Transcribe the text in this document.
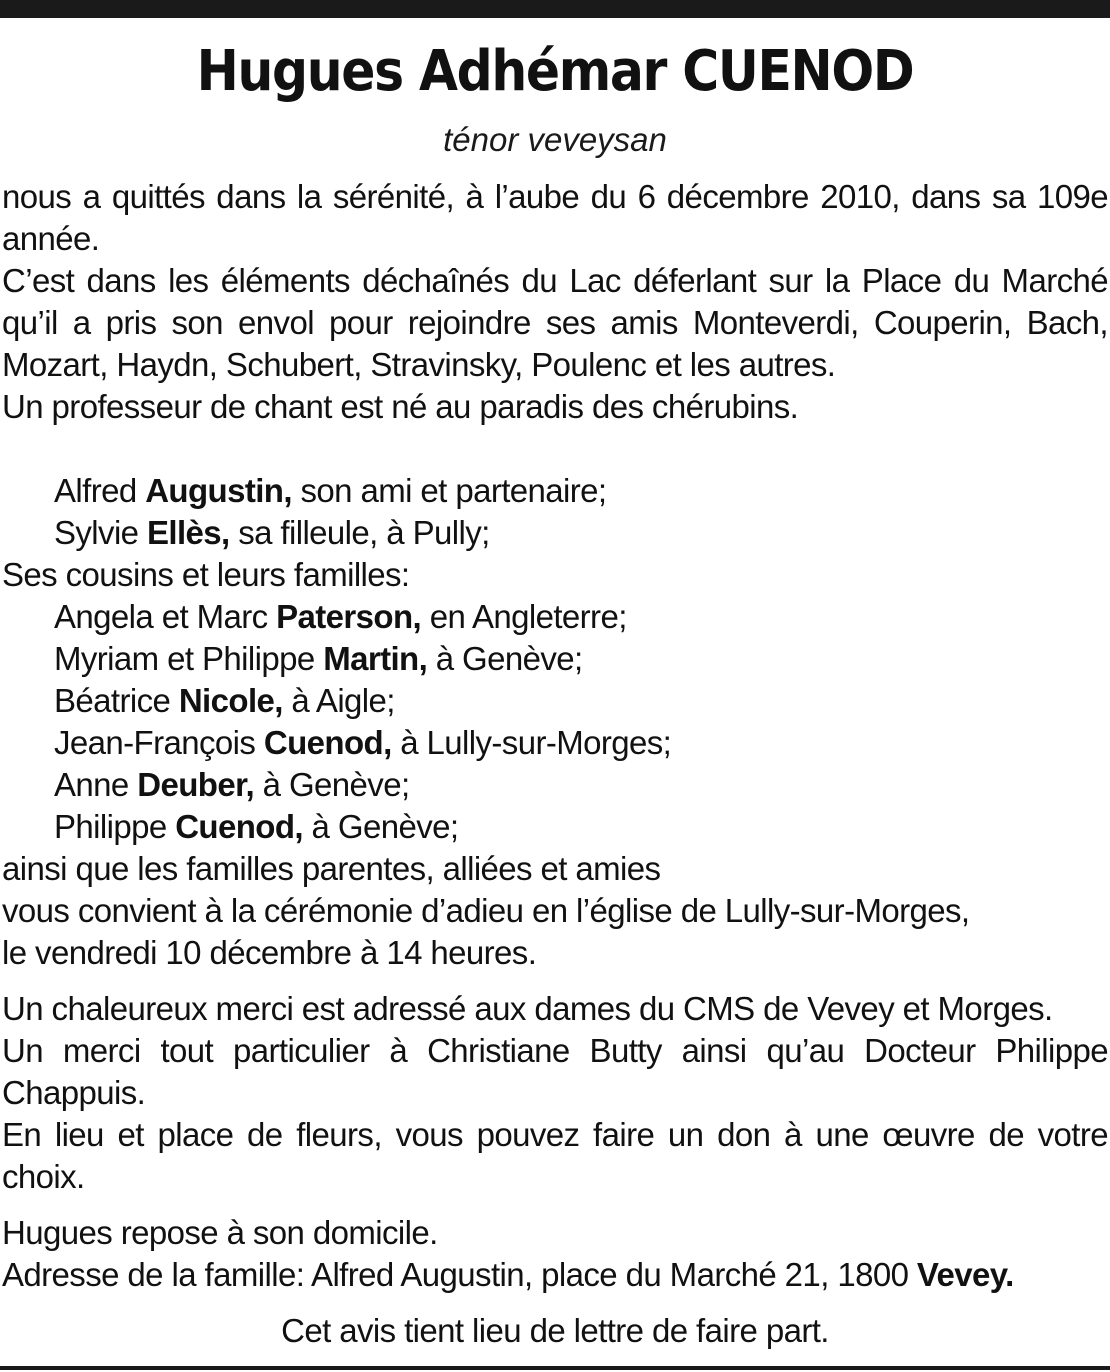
Hugues Adhémar CUENOD
ténor veveysan

nous a quittés dans la sérénité, à l’aube du 6 décembre 2010, dans sa 109e année.

C’est dans les éléments déchaînés du Lac déferlant sur la Place du Marché qu’il a pris son envol pour rejoindre ses amis Monteverdi, Couperin, Bach, Mozart, Haydn, Schubert, Stravinsky, Poulenc et les autres.

Un professeur de chant est né au paradis des chérubins.

Alfred Augustin, son ami et partenaire;
Sylvie Ellès, sa filleule, à Pully;
Ses cousins et leurs familles:
Angela et Marc Paterson, en Angleterre;
Myriam et Philippe Martin, à Genève;
Béatrice Nicole, à Aigle;
Jean-François Cuenod, à Lully-sur-Morges;
Anne Deuber, à Genève;
Philippe Cuenod, à Genève;
ainsi que les familles parentes, alliées et amies
vous convient à la cérémonie d’adieu en l’église de Lully-sur-Morges,
le vendredi 10 décembre à 14 heures.

Un chaleureux merci est adressé aux dames du CMS de Vevey et Morges.

Un merci tout particulier à Christiane Butty ainsi qu’au Docteur Philippe Chappuis.

En lieu et place de fleurs, vous pouvez faire un don à une œuvre de votre choix.

Hugues repose à son domicile.
Adresse de la famille: Alfred Augustin, place du Marché 21, 1800 Vevey.
Cet avis tient lieu de lettre de faire part.
